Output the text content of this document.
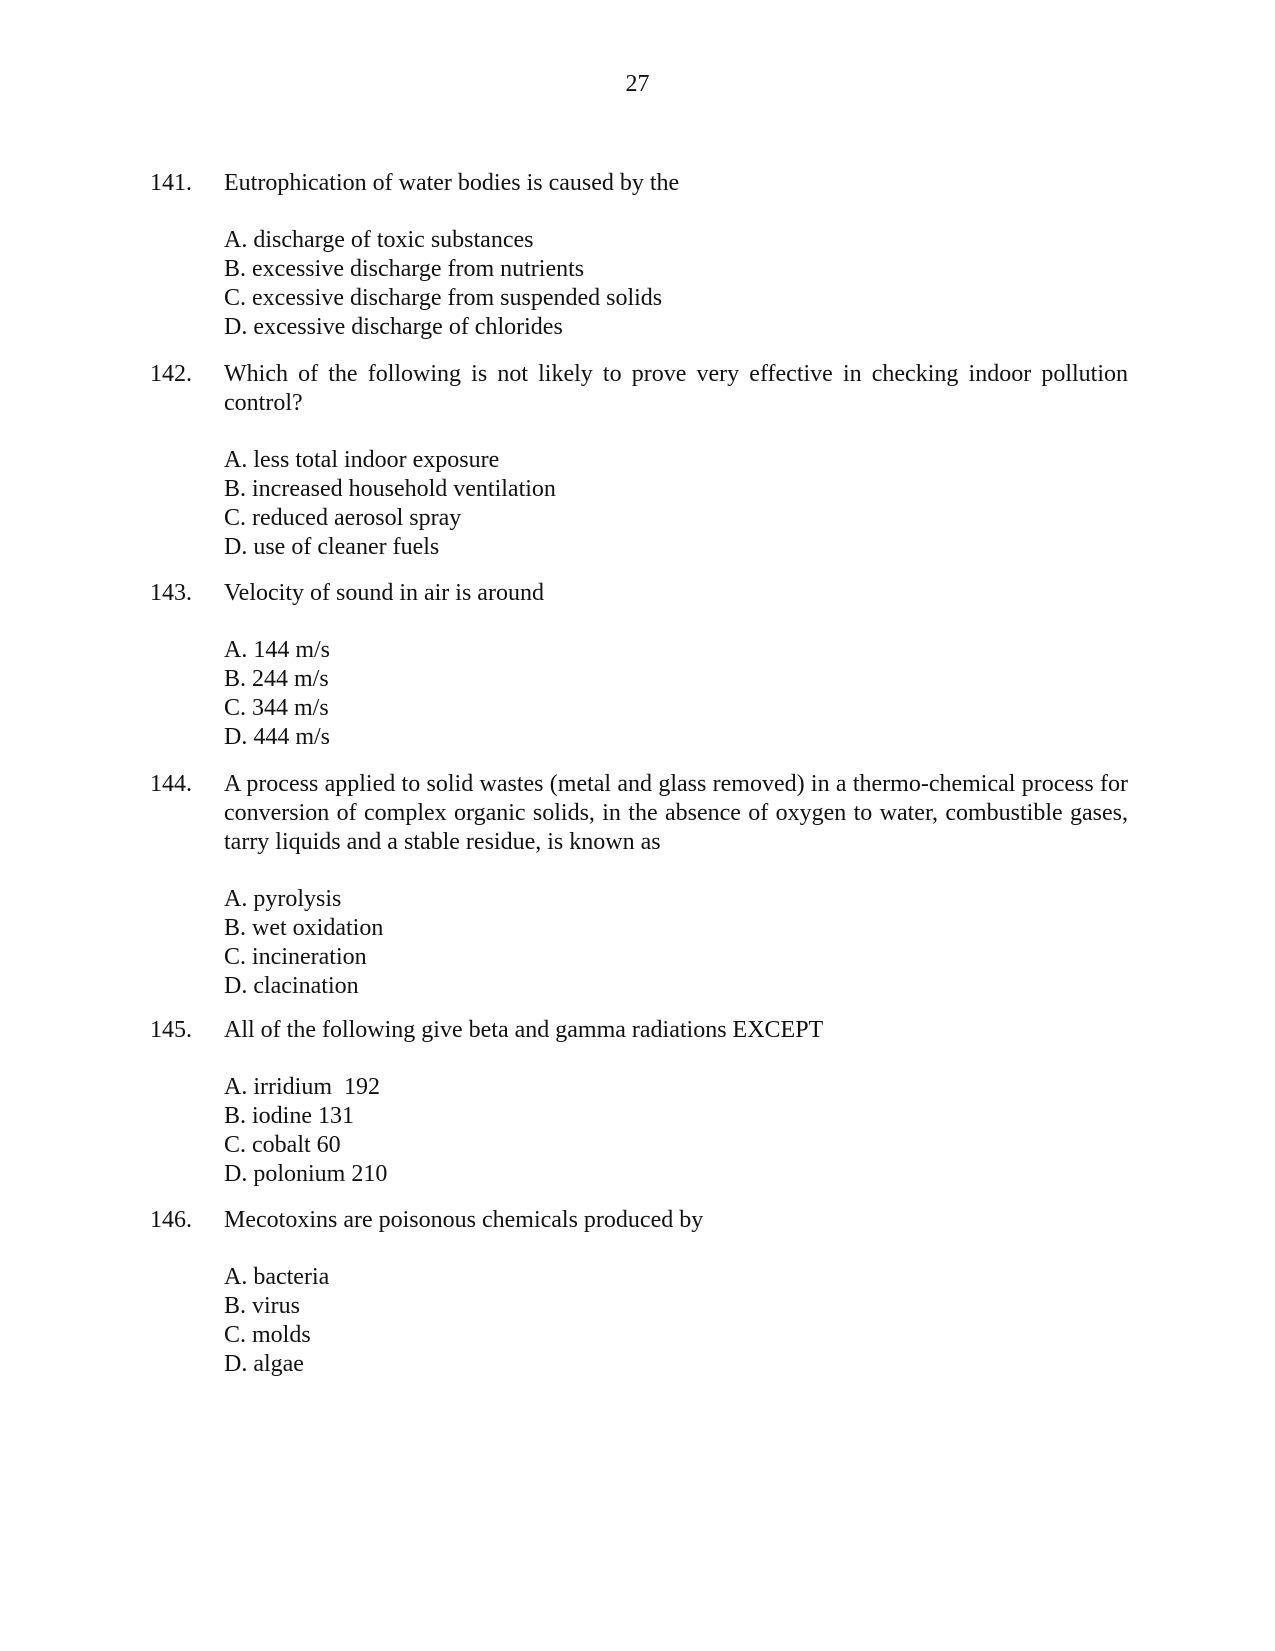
27
141. Eutrophication of water bodies is caused by the
A. discharge of toxic substances
B. excessive discharge from nutrients
C. excessive discharge from suspended solids
D. excessive discharge of chlorides
142. Which of the following is not likely to prove very effective in checking indoor pollution control?
A. less total indoor exposure
B. increased household ventilation
C. reduced aerosol spray
D. use of cleaner fuels
143. Velocity of sound in air is around
A. 144 m/s
B. 244 m/s
C. 344 m/s
D. 444 m/s
144. A process applied to solid wastes (metal and glass removed) in a thermo-chemical process for conversion of complex organic solids, in the absence of oxygen to water, combustible gases, tarry liquids and a stable residue, is known as
A. pyrolysis
B. wet oxidation
C. incineration
D. clacination
145. All of the following give beta and gamma radiations EXCEPT
A. irridium  192
B. iodine 131
C. cobalt 60
D. polonium 210
146. Mecotoxins are poisonous chemicals produced by
A. bacteria
B. virus
C. molds
D. algae
